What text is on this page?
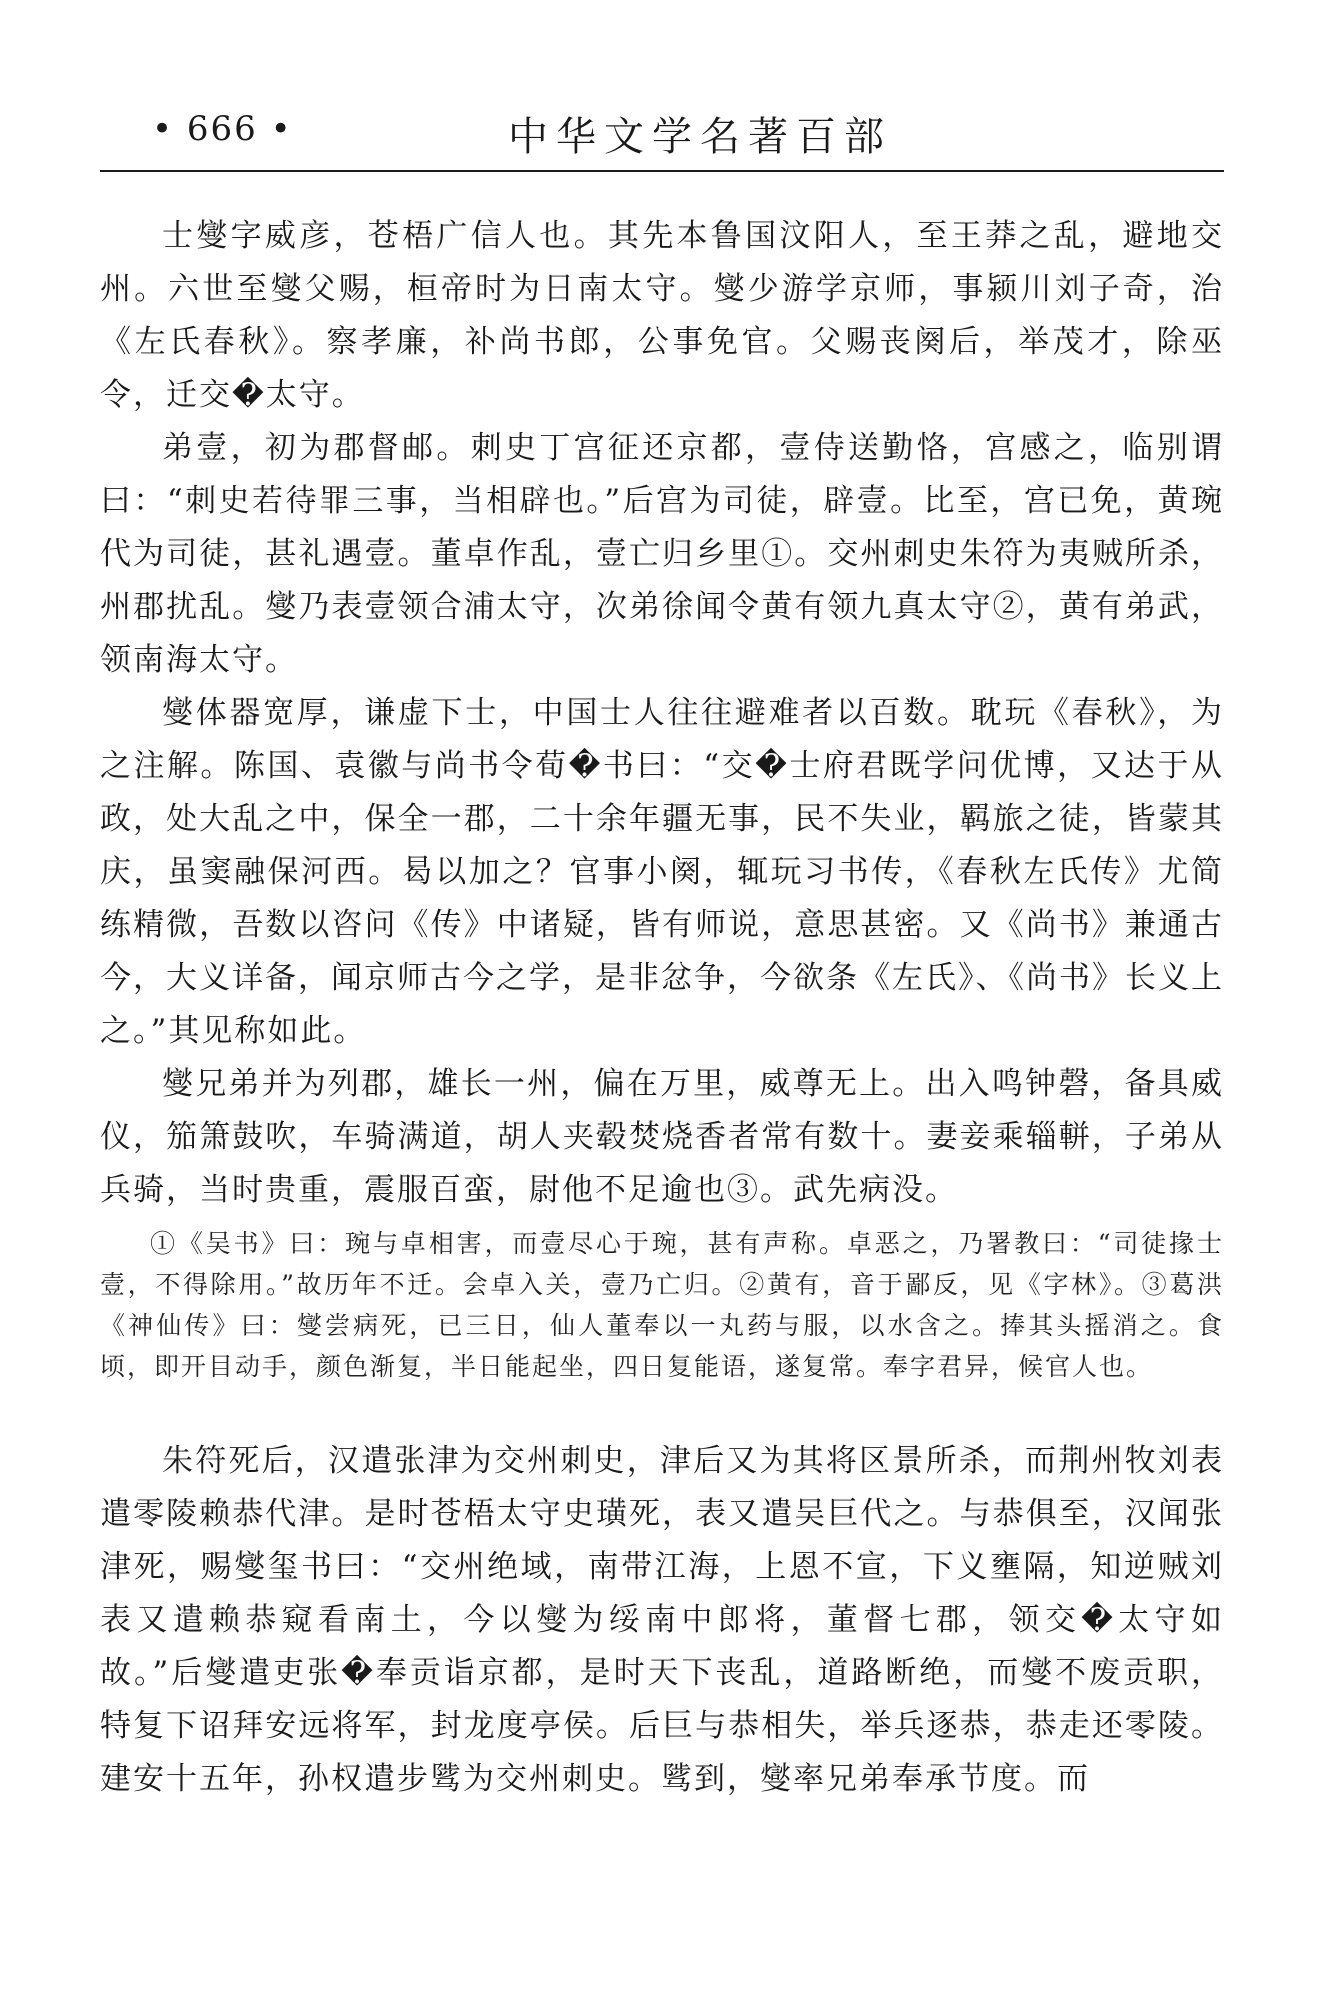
• 666 •	中华文学名著百部

士燮字威彦，苍梧广信人也。其先本鲁国汶阳人，至王莽之乱，避地交州。六世至燮父赐，桓帝时为日南太守。燮少游学京师，事颍川刘子奇，治《左氏春秋》。察孝廉，补尚书郎，公事免官。父赐丧阕后，举茂才，除巫令，迁交�太守。

弟壹，初为郡督邮。刺史丁宫征还京都，壹侍送勤恪，宫感之，临别谓曰：“刺史若待罪三事，当相辟也。”后宫为司徒，辟壹。比至，宫已免，黄琬代为司徒，甚礼遇壹。董卓作乱，壹亡归乡里①。交州刺史朱符为夷贼所杀，州郡扰乱。燮乃表壹领合浦太守，次弟徐闻令黄有领九真太守②，黄有弟武，领南海太守。

燮体器宽厚，谦虚下士，中国士人往往避难者以百数。耽玩《春秋》，为之注解。陈国、袁徽与尚书令荀�书曰：“交�士府君既学问优博，又达于从政，处大乱之中，保全一郡，二十余年疆无事，民不失业，羁旅之徒，皆蒙其庆，虽窦融保河西。曷以加之？官事小阕，辄玩习书传，《春秋左氏传》尤简练精微，吾数以咨问《传》中诸疑，皆有师说，意思甚密。又《尚书》兼通古今，大义详备，闻京师古今之学，是非忿争，今欲条《左氏》、《尚书》长义上之。”其见称如此。

燮兄弟并为列郡，雄长一州，偏在万里，威尊无上。出入鸣钟磬，备具威仪，笳箫鼓吹，车骑满道，胡人夹毂焚烧香者常有数十。妻妾乘辎軿，子弟从兵骑，当时贵重，震服百蛮，尉他不足逾也③。武先病没。

①《吴书》曰：琬与卓相害，而壹尽心于琬，甚有声称。卓恶之，乃署教曰：“司徒掾士壹，不得除用。”故历年不迁。会卓入关，壹乃亡归。②黄有，音于鄙反，见《字林》。③葛洪《神仙传》曰：燮尝病死，已三日，仙人董奉以一丸药与服，以水含之。捧其头摇消之。食顷，即开目动手，颜色渐复，半日能起坐，四日复能语，遂复常。奉字君异，候官人也。

朱符死后，汉遣张津为交州刺史，津后又为其将区景所杀，而荆州牧刘表遣零陵赖恭代津。是时苍梧太守史璜死，表又遣吴巨代之。与恭俱至，汉闻张津死，赐燮玺书曰：“交州绝域，南带江海，上恩不宣，下义壅隔，知逆贼刘表又遣赖恭窥看南土，今以燮为绥南中郎将，董督七郡，领交�太守如故。”后燮遣吏张�奉贡诣京都，是时天下丧乱，道路断绝，而燮不废贡职，特复下诏拜安远将军，封龙度亭侯。后巨与恭相失，举兵逐恭，恭走还零陵。建安十五年，孙权遣步骘为交州刺史。骘到，燮率兄弟奉承节度。而
